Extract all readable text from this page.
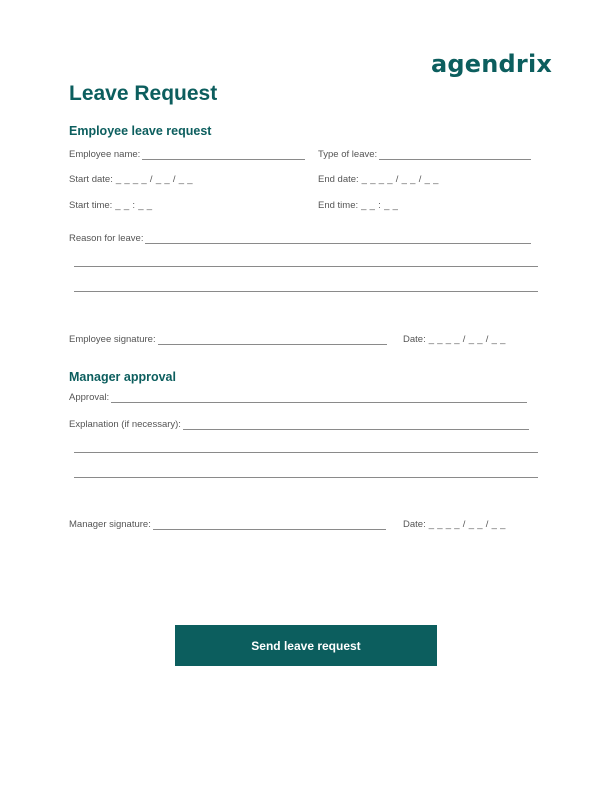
agendrix
Leave Request
Employee leave request
Employee name:	Type of leave:
Start date: _ _ _ _ / _ _ / _ _	End date: _ _ _ _ / _ _ / _ _
Start time: _ _ : _ _	End time: _ _ : _ _
Reason for leave:
Employee signature:	Date: _ _ _ _ / _ _ / _ _
Manager approval
Approval:
Explanation (if necessary):
Manager signature:	Date: _ _ _ _ / _ _ / _ _
Send leave request
